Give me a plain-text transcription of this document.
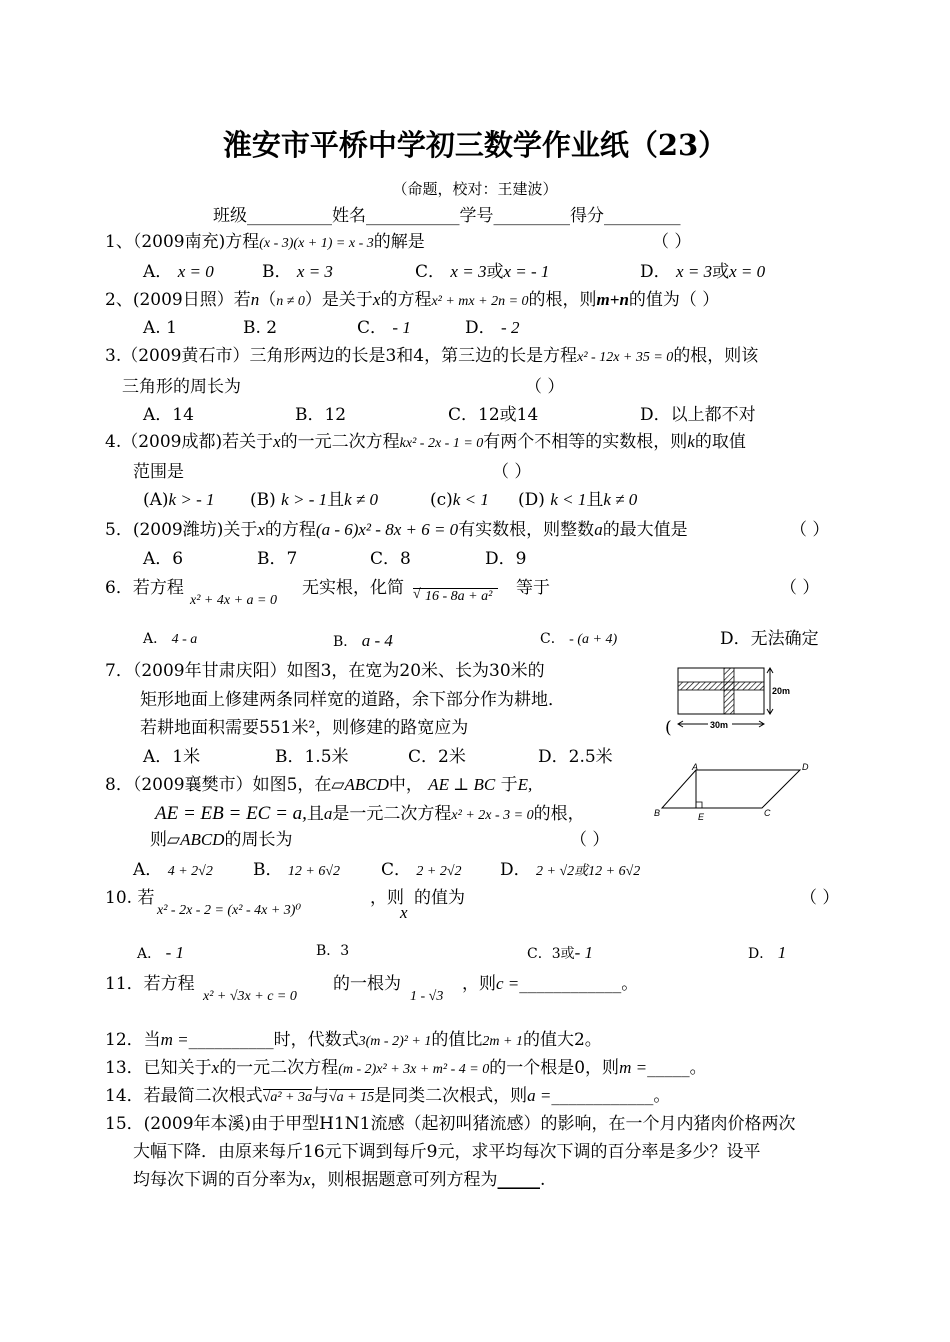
淮安市平桥中学初三数学作业纸（23）
（命题，校对：王建波）
班级__________姓名___________学号_________得分_________
1、（2009南充)方程(x - 3)(x + 1) = x - 3的解是	（ ）
A． x = 0	B． x = 3	C． x = 3或x = - 1	D． x = 3或x = 0
2、(2009日照）若n（n ≠ 0）是关于x的方程x² + mx + 2n = 0的根，则m+n的值为（ ）
A. 1	B. 2	C． - 1	D． - 2
3.（2009黄石市）三角形两边的长是3和4，第三边的长是方程x² - 12x + 35 = 0的根，则该
三角形的周长为	（ ）
A．14	B．12	C．12或14	D．以上都不对
4.（2009成都)若关于x的一元二次方程kx² - 2x - 1 = 0有两个不相等的实数根，则k的取值
范围是	（ ）
(A)k > - 1 (B) k > - 1且k ≠ 0	(c)k < 1 (D) k < 1且k ≠ 0
5．(2009潍坊)关于x的方程(a - 6)x² - 8x + 6 = 0有实数根，则整数a的最大值是	（ ）
A．6	B．7	C．8	D．9
6．若方程
x² + 4x + a = 0
无实根，化简 √ 16 - 8a + a²	等于	（ ）
A． 4 - a	B． a - 4	C． - (a + 4)	D．无法确定
7．（2009年甘肃庆阳）如图3，在宽为20米、长为30米的
矩形地面上修建两条同样宽的道路，余下部分作为耕地．
若耕地面积需要551米²，则修建的路宽应为	(
20m
30m
A．1米	B．1.5米	C．2米	D．2.5米
8．（2009襄樊市）如图5，在▱ABCD中， AE ⊥ BC 于E,
AE = EB = EC = a,且a是一元二次方程x² + 2x - 3 = 0的根，
则▱ABCD的周长为	（ ）
A	D
B	E	C
A． 4 + 2√2 B． 12 + 6√2 C． 2 + 2√2 D． 2 + √2或12 + 6√2
10. 若
x² - 2x - 2 = (x² - 4x + 3)⁰
，则
x
的值为	（ ）
A． - 1	B．3	C．3或- 1	D． 1
11．若方程
x² + √3x + c = 0
的一根为
1 - √3
，则c =____________。
12．当m =__________时，代数式3(m - 2)² + 1的值比2m + 1的值大2。
13．已知关于x的一元二次方程(m - 2)x² + 3x + m² - 4 = 0的一个根是0，则m =_____。
14．若最简二次根式√a² + 3a与√a + 15是同类二次根式，则a =____________。
15．(2009年本溪)由于甲型H1N1流感（起初叫猪流感）的影响，在一个月内猪肉价格两次
大幅下降．由原来每斤16元下调到每斤9元，求平均每次下调的百分率是多少？设平
均每次下调的百分率为x，则根据题意可列方程为_____.
